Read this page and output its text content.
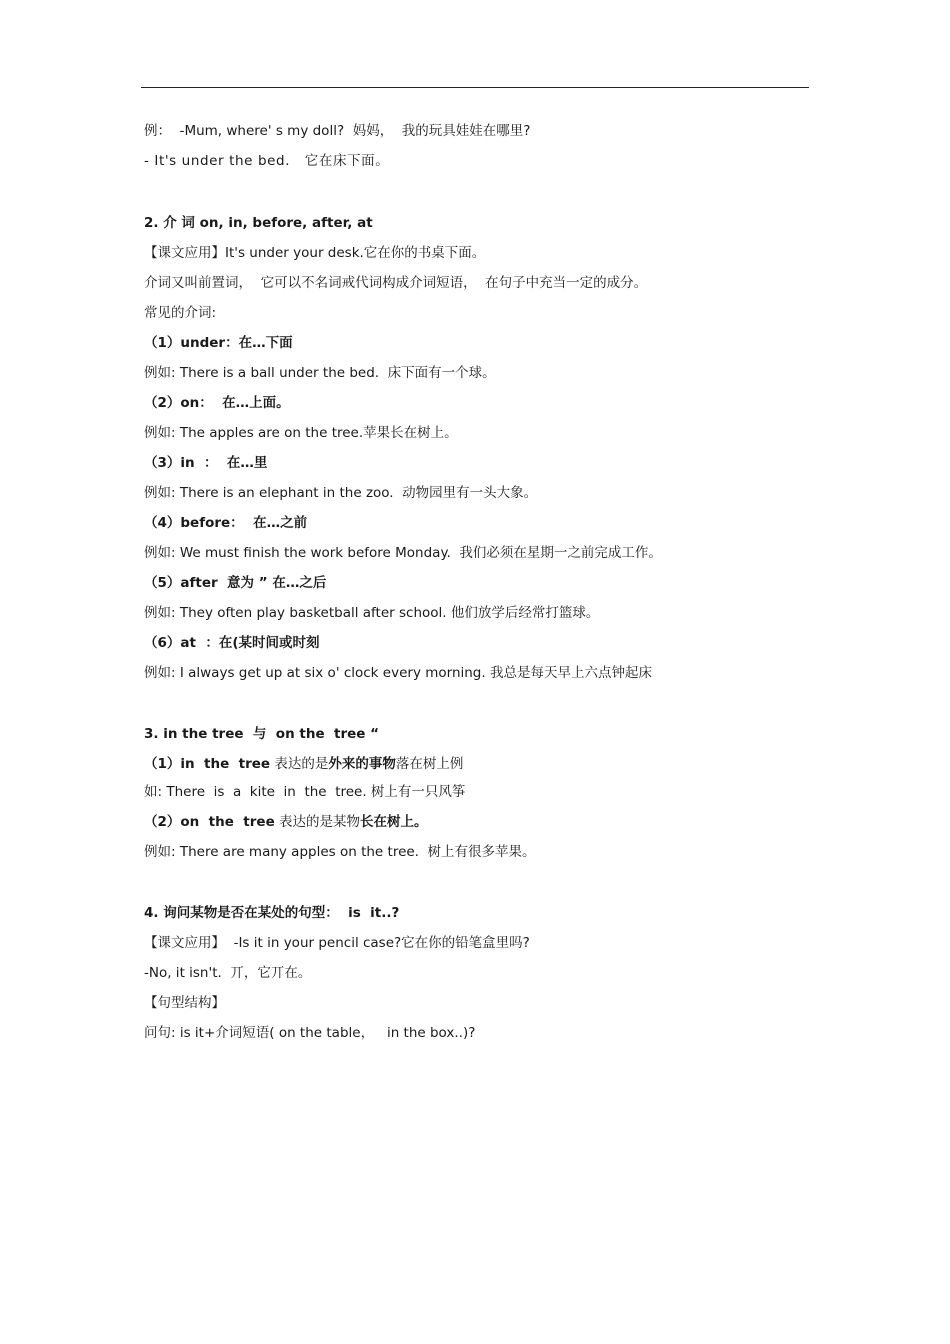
例：  -Mum, where' s my doll?  妈妈，  我的玩具娃娃在哪里?
- It's under the bed.   它在床下面。
2. 介 词 on, in, before, after, at
【课文应用】It's under your desk.它在你的书桌下面。
介词又叫前置词，  它可以不名词戒代词构成介词短语，  在句子中充当一定的成分。
常见的介词:
（1）under：在…下面
例如: There is a ball under the bed.  床下面有一个球。
（2）on：  在…上面。
例如: The apples are on the tree.苹果长在树上。
（3）in  ：  在…里
例如: There is an elephant in the zoo.  动物园里有一头大象。
（4）before：  在…之前
例如: We must finish the work before Monday.  我们必须在星期一之前完成工作。
（5）after  意为 ” 在…之后
例如: They often play basketball after school. 他们放学后经常打篮球。
（6）at  ：在(某时间或时刻
例如: I always get up at six o' clock every morning. 我总是每天早上六点钟起床
3. in the tree  与  on the  tree “
（1）in  the  tree 表达的是外来的事物落在树上例
如: There  is  a  kite  in  the  tree. 树上有一只风筝
（2）on  the  tree 表达的是某物长在树上。
例如: There are many apples on the tree.  树上有很多苹果。
4. 询问某物是否在某处的句型：  is  it..?
【课文应用】  -Is it in your pencil case?它在你的铅笔盒里吗?
-No, it isn't.  丌，它丌在。
【句型结构】
问句: is it+介词短语( on the table，   in the box..)?
